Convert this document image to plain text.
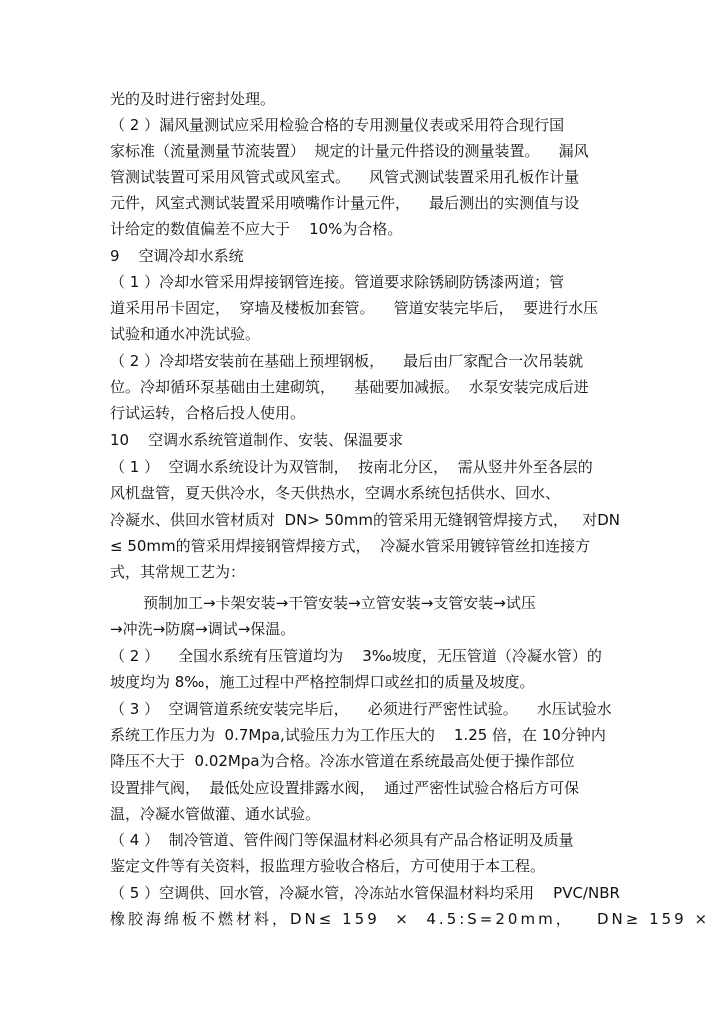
光的及时进行密封处理。
（ 2 ）漏风量测试应采用检验合格的专用测量仪表或采用符合现行国
家标准（流量测量节流装置）  规定的计量元件搭设的测量装置。    漏风
管测试装置可采用风管式或风室式。    风管式测试装置采用孔板作计量
元件，风室式测试装置采用喷嘴作计量元件，    最后测出的实测值与设
计给定的数值偏差不应大于    10%为合格。
9    空调冷却水系统
（ 1 ）冷却水管采用焊接钢管连接。管道要求除锈刷防锈漆两道；管
道采用吊卡固定，  穿墙及楼板加套管。    管道安装完毕后，  要进行水压
试验和通水冲洗试验。
（ 2 ）冷却塔安装前在基础上预埋钢板，    最后由厂家配合一次吊装就
位。冷却循环泵基础由土建砌筑，    基础要加减振。  水泵安装完成后进
行试运转，合格后投人使用。
10    空调水系统管道制作、安装、保温要求
（ 1 ）  空调水系统设计为双管制，  按南北分区，  需从竖井外至各层的
风机盘管，夏天供冷水，冬天供热水，空调水系统包括供水、回水、
冷凝水、供回水管材质对  DN> 50mm的管采用无缝钢管焊接方式，   对DN
≤ 50mm的管采用焊接钢管焊接方式，  冷凝水管采用镀锌管丝扣连接方
式，其常规工艺为：
预制加工→卡架安装→干管安装→立管安装→支管安装→试压
→冲洗→防腐→调试→保温。
（ 2 ）    全国水系统有压管道均为    3‰坡度，无压管道（冷凝水管）的
坡度均为 8‰，施工过程中严格控制焊口或丝扣的质量及坡度。
（ 3 ）  空调管道系统安装完毕后，    必须进行严密性试验。    水压试验水
系统工作压力为  0.7Mpa,试验压力为工作压大的    1.25 倍，在 10分钟内
降压不大于  0.02Mpa为合格。冷冻水管道在系统最高处便于操作部位
设置排气阀，  最低处应设置排露水阀，  通过严密性试验合格后方可保
温，冷凝水管做灌、通水试验。
（ 4 ）  制冷管道、管件阀门等保温材料必须具有产品合格证明及质量
鉴定文件等有关资料，报监理方验收合格后，方可使用于本工程。
（ 5 ）空调供、回水管，冷凝水管，冷冻站水管保温材料均采用    PVC/NBR
橡胶海绵板不燃材料，DN≤ 159  ×  4.5:S=20mm，   DN≥ 159 ×
